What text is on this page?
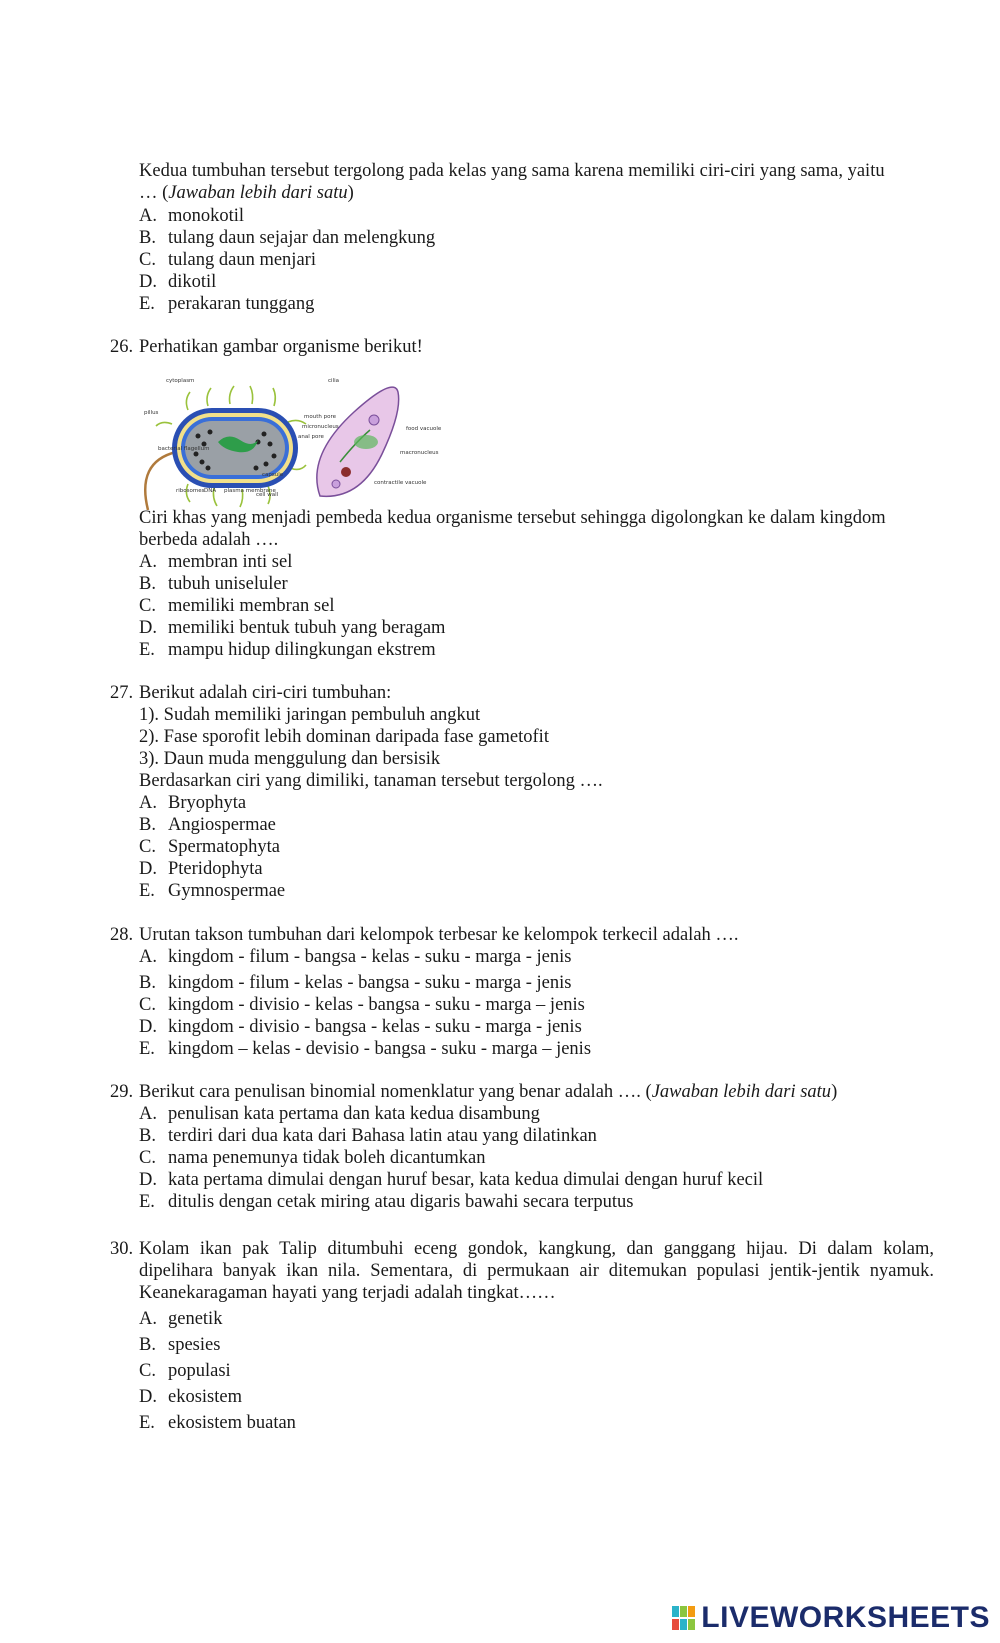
Kedua tumbuhan tersebut tergolong pada kelas yang sama karena memiliki ciri-ciri yang sama, yaitu
… (Jawaban lebih dari satu)
A. monokotil
B. tulang daun sejajar dan melengkung
C. tulang daun menjari
D. dikotil
E. perakaran tunggang
26. Perhatikan gambar organisme berikut!
cytoplasm
pillus
bacterial flagellum
ribosomes DNA plasma membrane
capsule
cell wall
cilia
mouth pore
micronucleus
anal pore
food vacuole
macronucleus
contractile vacuole
Ciri khas yang menjadi pembeda kedua organisme tersebut sehingga digolongkan ke dalam kingdom
berbeda adalah ….
A. membran inti sel
B. tubuh uniseluler
C. memiliki membran sel
D. memiliki bentuk tubuh yang beragam
E. mampu hidup dilingkungan ekstrem
27. Berikut adalah ciri-ciri tumbuhan:
1). Sudah memiliki jaringan pembuluh angkut
2). Fase sporofit lebih dominan daripada fase gametofit
3). Daun muda menggulung dan bersisik
Berdasarkan ciri yang dimiliki, tanaman tersebut tergolong ….
A. Bryophyta
B. Angiospermae
C. Spermatophyta
D. Pteridophyta
E. Gymnospermae
28. Urutan takson tumbuhan dari kelompok terbesar ke kelompok terkecil adalah ….
A. kingdom - filum - bangsa - kelas - suku - marga - jenis
B. kingdom - filum - kelas - bangsa - suku - marga - jenis
C. kingdom - divisio - kelas - bangsa - suku - marga – jenis
D. kingdom - divisio - bangsa - kelas - suku - marga - jenis
E. kingdom – kelas - devisio - bangsa - suku - marga – jenis
29. Berikut cara penulisan binomial nomenklatur yang benar adalah …. (Jawaban lebih dari satu)
A. penulisan kata pertama dan kata kedua disambung
B. terdiri dari dua kata dari Bahasa latin atau yang dilatinkan
C. nama penemunya tidak boleh dicantumkan
D. kata pertama dimulai dengan huruf besar, kata kedua dimulai dengan huruf kecil
E. ditulis dengan cetak miring atau digaris bawahi secara terputus
30. Kolam ikan pak Talip ditumbuhi eceng gondok, kangkung, dan ganggang hijau. Di dalam kolam,
dipelihara banyak ikan nila. Sementara, di permukaan air ditemukan populasi jentik-jentik nyamuk.
Keanekaragaman hayati yang terjadi adalah tingkat……
A. genetik
B. spesies
C. populasi
D. ekosistem
E. ekosistem buatan
LIVEWORKSHEETS
